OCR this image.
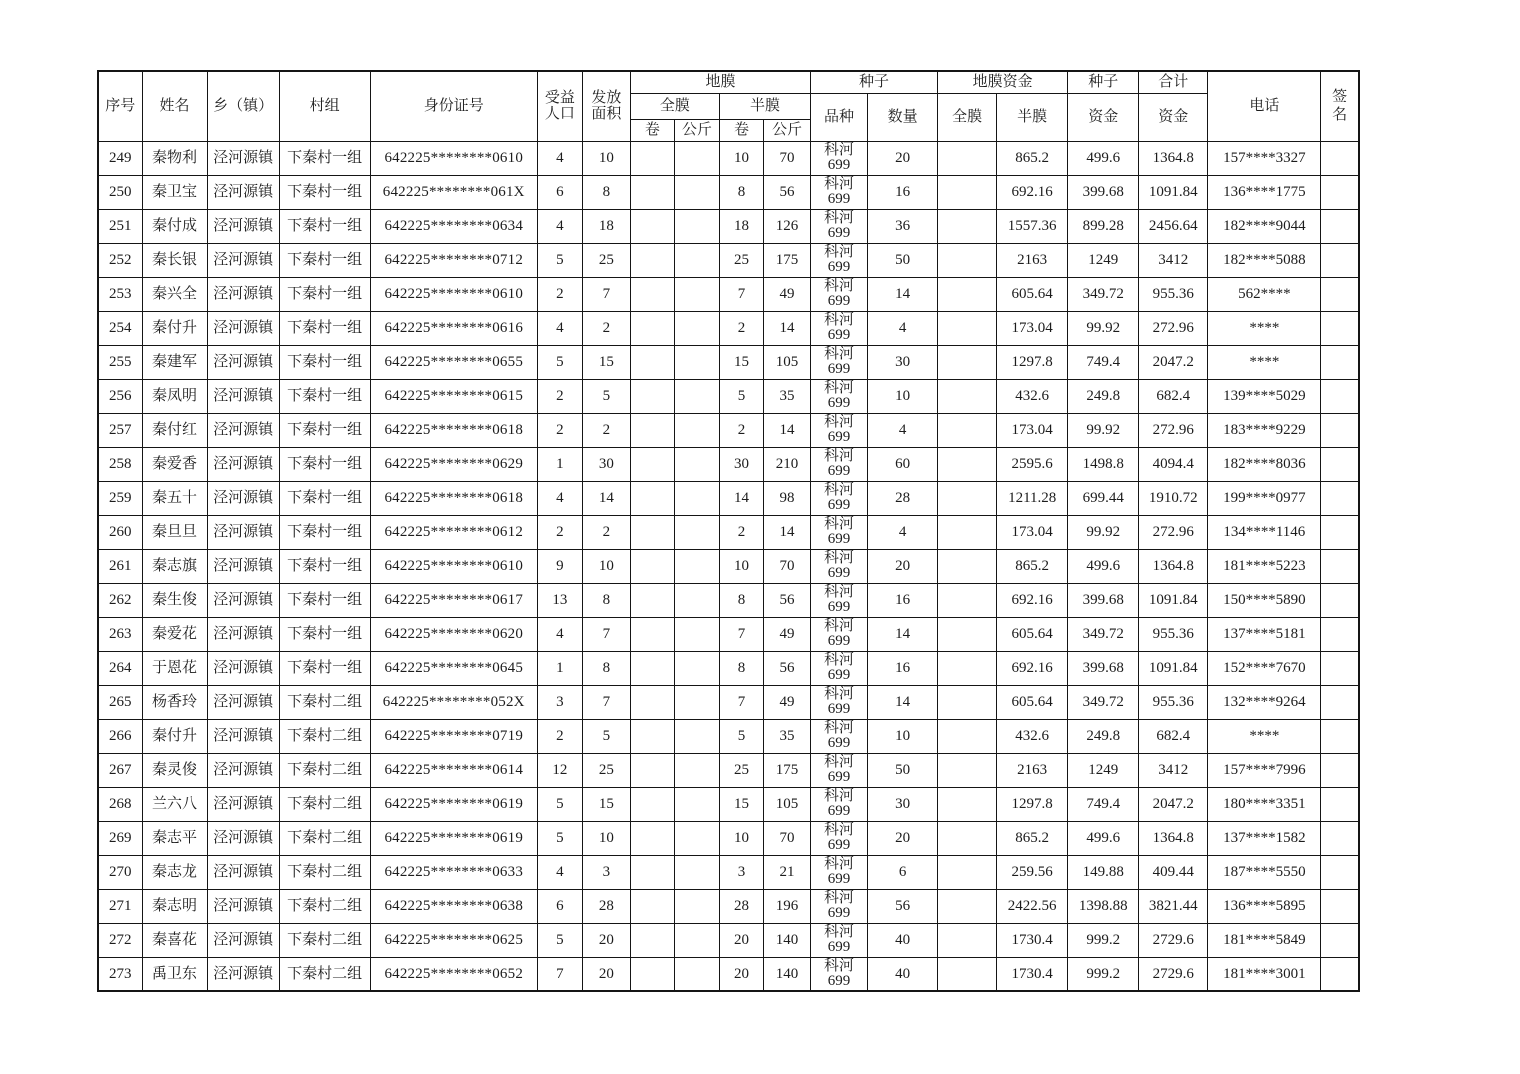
序号	姓名	乡（镇）	村组	身份证号	受益人口	发放面积	地膜				种子		地膜资金		种子	合计	电话	签名
							全膜		半膜		品种	数量	全膜	半膜	资金	资金		
							卷	公斤	卷	公斤								
249	秦物利	泾河源镇	下秦村一组	642225********0610	4	10			10	70	科河699	20		865.2	499.6	1364.8	157****3327	
250	秦卫宝	泾河源镇	下秦村一组	642225********061X	6	8			8	56	科河699	16		692.16	399.68	1091.84	136****1775	
251	秦付成	泾河源镇	下秦村一组	642225********0634	4	18			18	126	科河699	36		1557.36	899.28	2456.64	182****9044	
252	秦长银	泾河源镇	下秦村一组	642225********0712	5	25			25	175	科河699	50		2163	1249	3412	182****5088	
253	秦兴全	泾河源镇	下秦村一组	642225********0610	2	7			7	49	科河699	14		605.64	349.72	955.36	562****	
254	秦付升	泾河源镇	下秦村一组	642225********0616	4	2			2	14	科河699	4		173.04	99.92	272.96	****	
255	秦建军	泾河源镇	下秦村一组	642225********0655	5	15			15	105	科河699	30		1297.8	749.4	2047.2	****	
256	秦凤明	泾河源镇	下秦村一组	642225********0615	2	5			5	35	科河699	10		432.6	249.8	682.4	139****5029	
257	秦付红	泾河源镇	下秦村一组	642225********0618	2	2			2	14	科河699	4		173.04	99.92	272.96	183****9229	
258	秦爱香	泾河源镇	下秦村一组	642225********0629	1	30			30	210	科河699	60		2595.6	1498.8	4094.4	182****8036	
259	秦五十	泾河源镇	下秦村一组	642225********0618	4	14			14	98	科河699	28		1211.28	699.44	1910.72	199****0977	
260	秦旦旦	泾河源镇	下秦村一组	642225********0612	2	2			2	14	科河699	4		173.04	99.92	272.96	134****1146	
261	秦志旗	泾河源镇	下秦村一组	642225********0610	9	10			10	70	科河699	20		865.2	499.6	1364.8	181****5223	
262	秦生俊	泾河源镇	下秦村一组	642225********0617	13	8			8	56	科河699	16		692.16	399.68	1091.84	150****5890	
263	秦爱花	泾河源镇	下秦村一组	642225********0620	4	7			7	49	科河699	14		605.64	349.72	955.36	137****5181	
264	于恩花	泾河源镇	下秦村一组	642225********0645	1	8			8	56	科河699	16		692.16	399.68	1091.84	152****7670	
265	杨香玲	泾河源镇	下秦村二组	642225********052X	3	7			7	49	科河699	14		605.64	349.72	955.36	132****9264	
266	秦付升	泾河源镇	下秦村二组	642225********0719	2	5			5	35	科河699	10		432.6	249.8	682.4	****	
267	秦灵俊	泾河源镇	下秦村二组	642225********0614	12	25			25	175	科河699	50		2163	1249	3412	157****7996	
268	兰六八	泾河源镇	下秦村二组	642225********0619	5	15			15	105	科河699	30		1297.8	749.4	2047.2	180****3351	
269	秦志平	泾河源镇	下秦村二组	642225********0619	5	10			10	70	科河699	20		865.2	499.6	1364.8	137****1582	
270	秦志龙	泾河源镇	下秦村二组	642225********0633	4	3			3	21	科河699	6		259.56	149.88	409.44	187****5550	
271	秦志明	泾河源镇	下秦村二组	642225********0638	6	28			28	196	科河699	56		2422.56	1398.88	3821.44	136****5895	
272	秦喜花	泾河源镇	下秦村二组	642225********0625	5	20			20	140	科河699	40		1730.4	999.2	2729.6	181****5849	
273	禹卫东	泾河源镇	下秦村二组	642225********0652	7	20			20	140	科河699	40		1730.4	999.2	2729.6	181****3001	
